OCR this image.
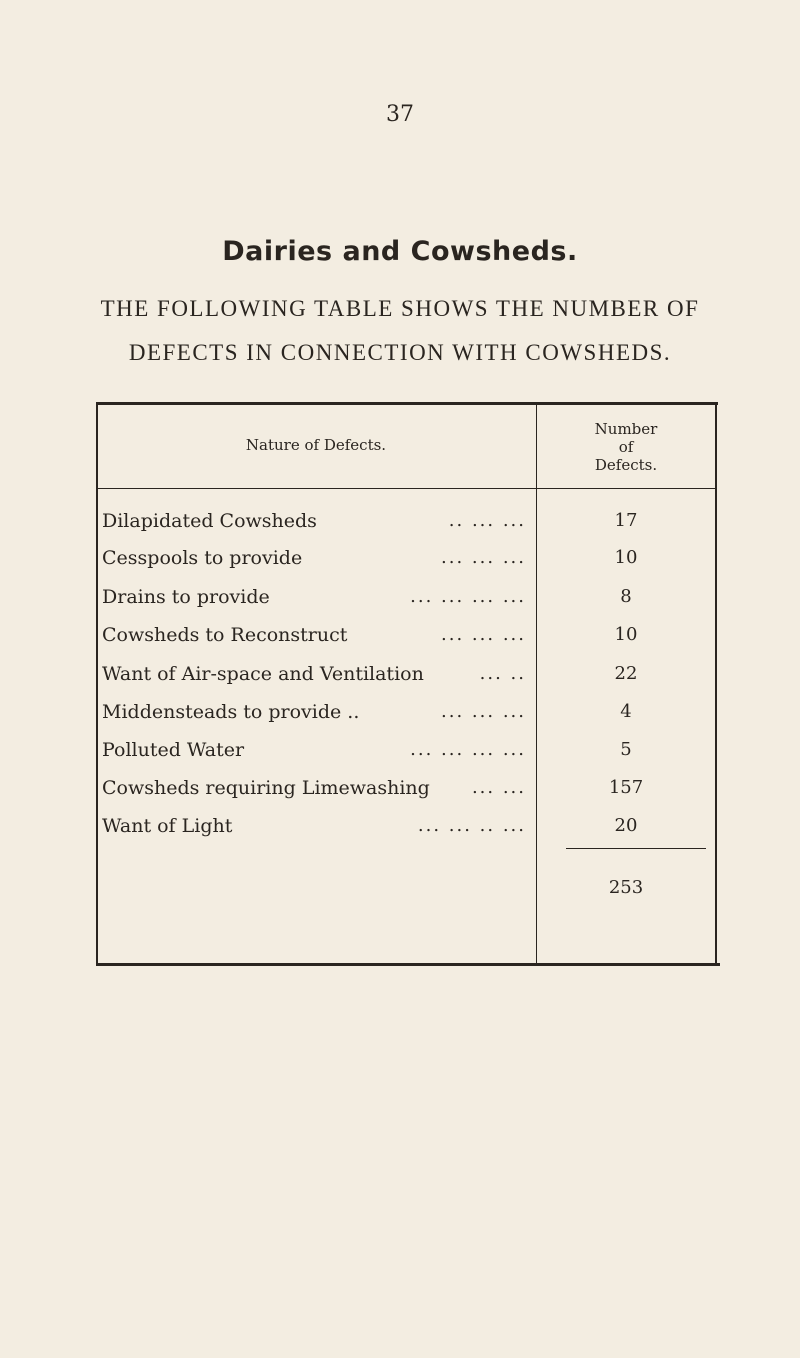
37
Dairies and Cowsheds.
THE FOLLOWING TABLE SHOWS THE NUMBER OF
DEFECTS IN CONNECTION WITH COWSHEDS.
Nature of Defects.
Number
of
Defects.
Dilapidated Cowsheds	.. ... ...	17
Cesspools to provide	... ... ...	10
Drains to provide	... ... ... ...	8
Cowsheds to Reconstruct	... ... ...	10
Want of Air-space and Ventilation	... ..	22
Middensteads to provide ..	... ... ...	4
Polluted Water	... ... ... ...	5
Cowsheds requiring Limewashing	... ...	157
Want of Light	... ... .. ...	20
253
